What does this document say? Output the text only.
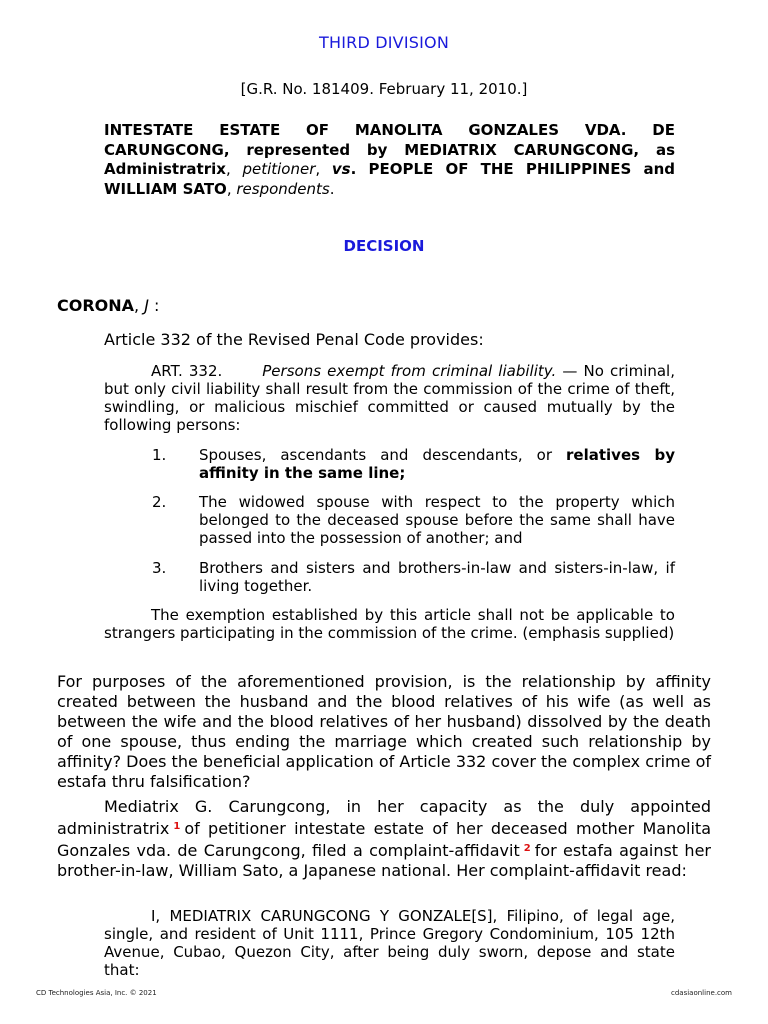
THIRD DIVISION
[G.R. No. 181409. February 11, 2010.]
INTESTATE ESTATE OF MANOLITA GONZALES VDA. DE CARUNGCONG, represented by MEDIATRIX CARUNGCONG, as Administratrix, petitioner, vs. PEOPLE OF THE PHILIPPINES and WILLIAM SATO, respondents.
DECISION
CORONA, J :
Article 332 of the Revised Penal Code provides:
ART. 332.	Persons exempt from criminal liability. — No criminal, but only civil liability shall result from the commission of the crime of theft, swindling, or malicious mischief committed or caused mutually by the following persons:
1. Spouses, ascendants and descendants, or relatives by affinity in the same line;
2. The widowed spouse with respect to the property which belonged to the deceased spouse before the same shall have passed into the possession of another; and
3. Brothers and sisters and brothers-in-law and sisters-in-law, if living together.
The exemption established by this article shall not be applicable to strangers participating in the commission of the crime. (emphasis supplied)
For purposes of the aforementioned provision, is the relationship by affinity created between the husband and the blood relatives of his wife (as well as between the wife and the blood relatives of her husband) dissolved by the death of one spouse, thus ending the marriage which created such relationship by affinity? Does the beneficial application of Article 332 cover the complex crime of estafa thru falsification?
Mediatrix G. Carungcong, in her capacity as the duly appointed administratrix $^1$ of petitioner intestate estate of her deceased mother Manolita Gonzales vda. de Carungcong, filed a complaint-affidavit $^2$ for estafa against her brother-in-law, William Sato, a Japanese national. Her complaint-affidavit read:
I, MEDIATRIX CARUNGCONG Y GONZALE[S], Filipino, of legal age, single, and resident of Unit 1111, Prince Gregory Condominium, 105 12th Avenue, Cubao, Quezon City, after being duly sworn, depose and state that:
CD Technologies Asia, Inc. © 2021	cdasiaonline.com
